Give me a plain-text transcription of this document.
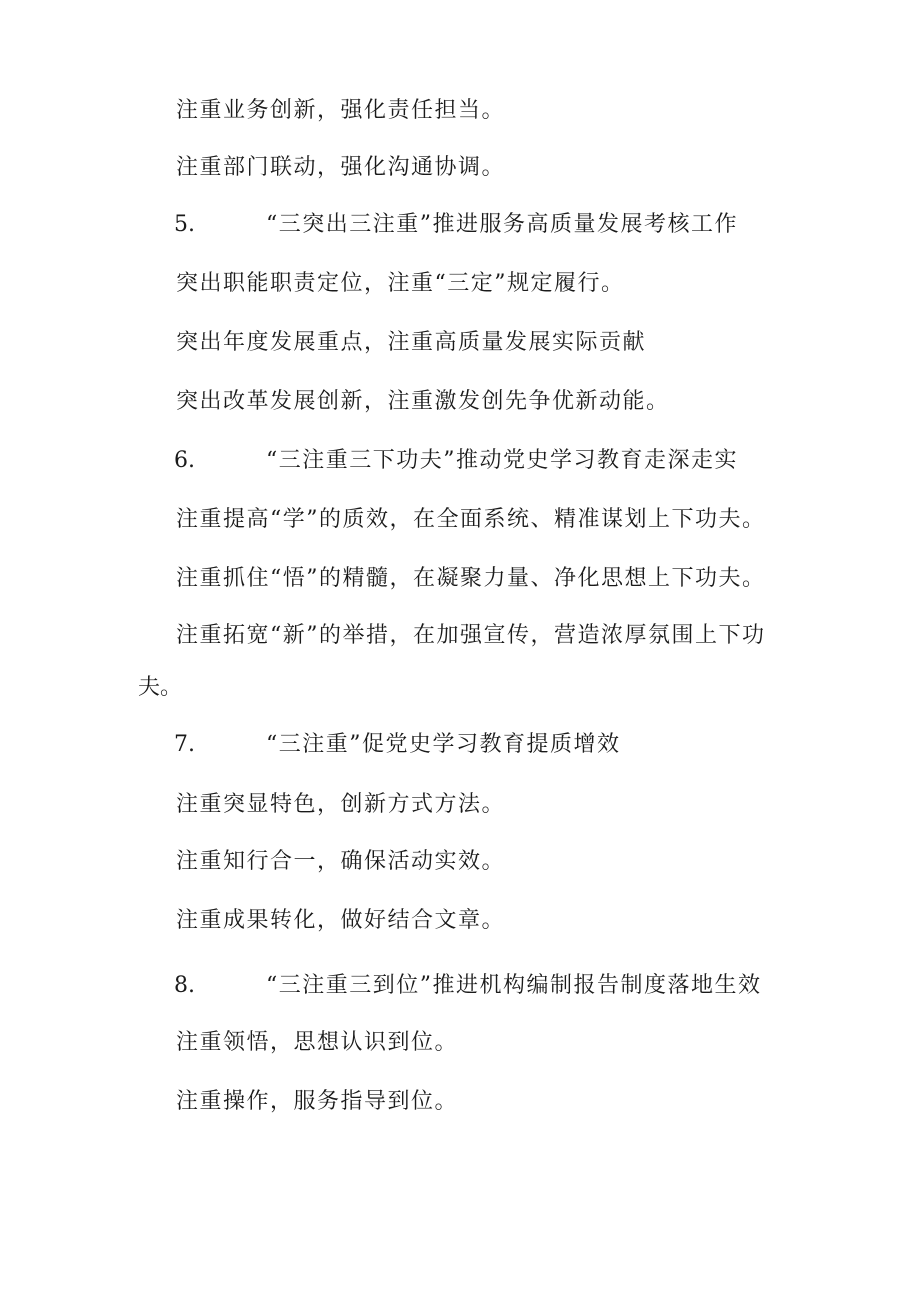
注重业务创新，强化责任担当。
注重部门联动，强化沟通协调。
5.	“三突出三注重”推进服务高质量发展考核工作
突出职能职责定位，注重“三定”规定履行。
突出年度发展重点，注重高质量发展实际贡献
突出改革发展创新，注重激发创先争优新动能。
6.	“三注重三下功夫”推动党史学习教育走深走实
注重提高“学”的质效，在全面系统、精准谋划上下功夫。
注重抓住“悟”的精髓，在凝聚力量、净化思想上下功夫。
注重拓宽“新”的举措，在加强宣传，营造浓厚氛围上下功
夫。
7.	“三注重”促党史学习教育提质增效
注重突显特色，创新方式方法。
注重知行合一，确保活动实效。
注重成果转化，做好结合文章。
8.	“三注重三到位”推进机构编制报告制度落地生效
注重领悟，思想认识到位。
注重操作，服务指导到位。
